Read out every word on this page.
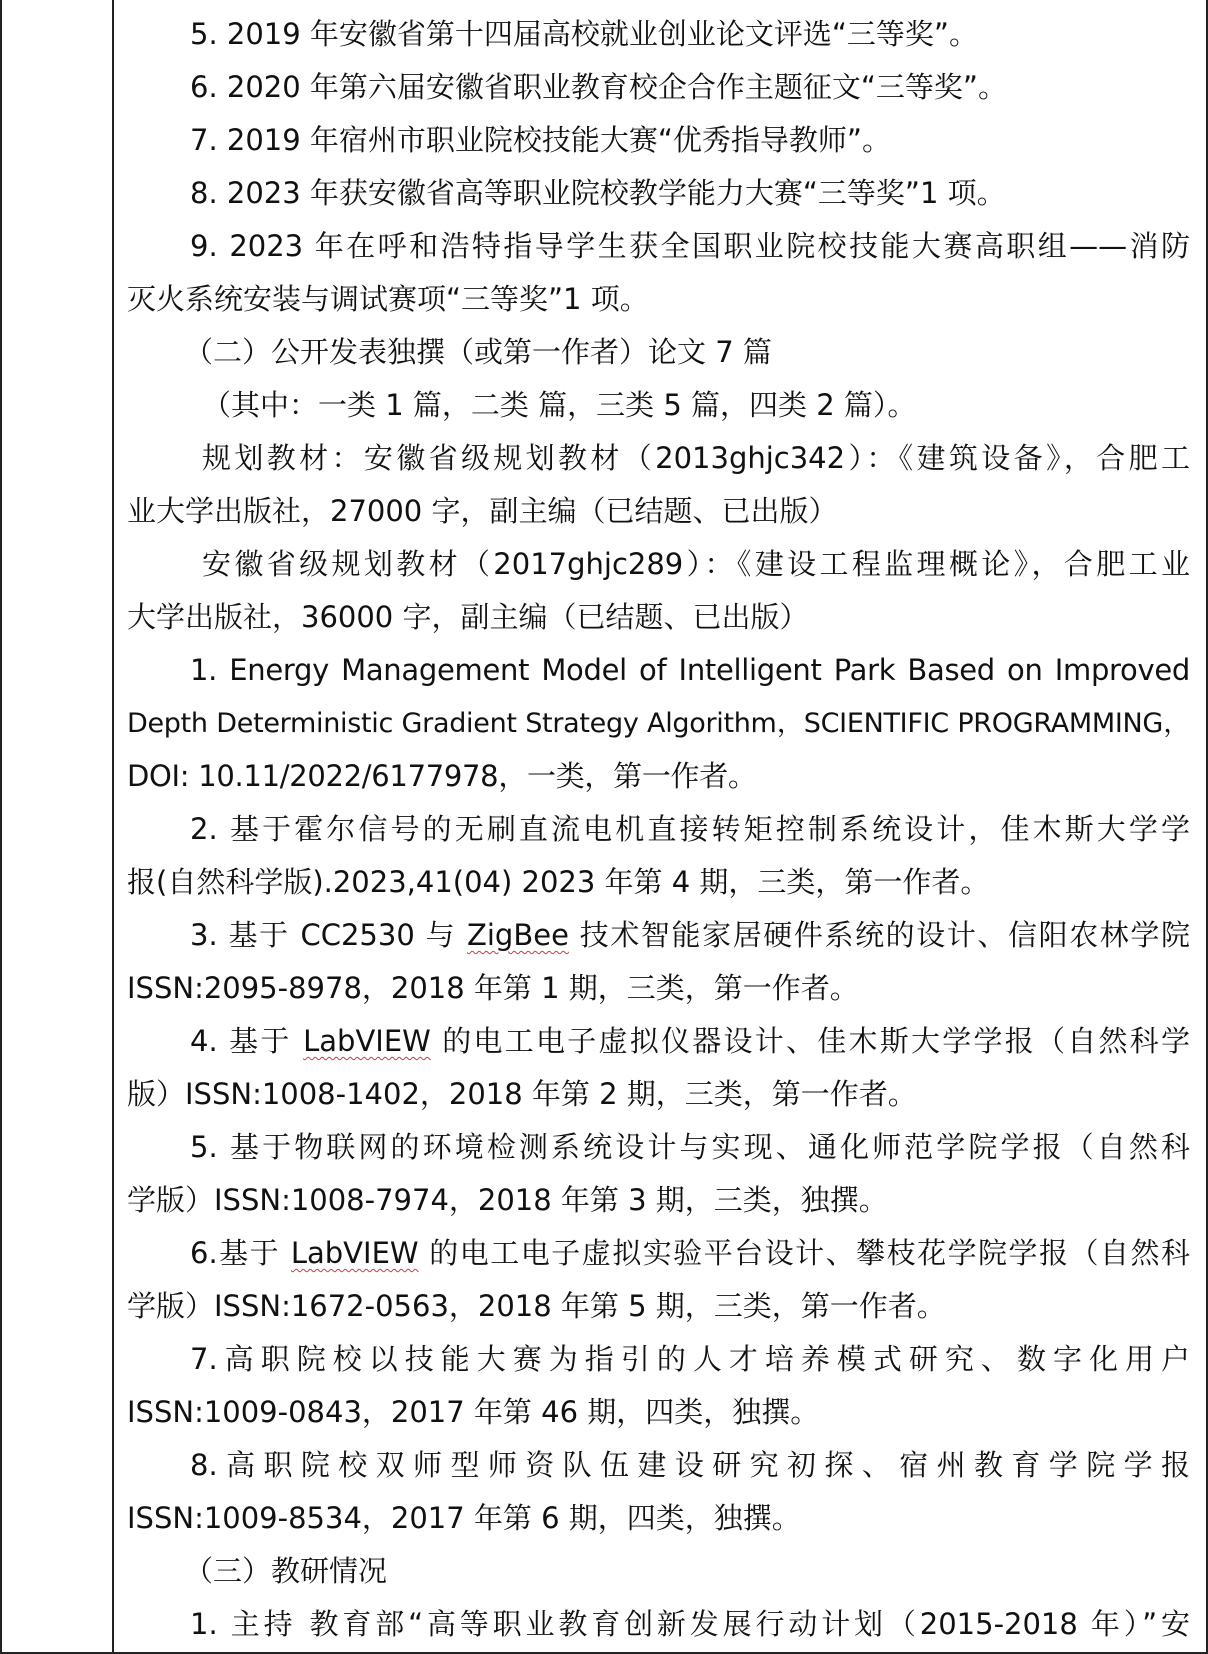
5. 2019 年安徽省第十四届高校就业创业论文评选“三等奖”。
6. 2020 年第六届安徽省职业教育校企合作主题征文“三等奖”。
7. 2019 年宿州市职业院校技能大赛“优秀指导教师”。
8. 2023 年获安徽省高等职业院校教学能力大赛“三等奖”1 项。
9. 2023 年在呼和浩特指导学生获全国职业院校技能大赛高职组——消防
灭火系统安装与调试赛项“三等奖”1 项。
（二）公开发表独撰（或第一作者）论文 7 篇
（其中：一类 1 篇，二类 篇，三类 5 篇，四类 2 篇）。
规划教材：安徽省级规划教材（2013ghjc342）：《建筑设备》，合肥工
业大学出版社，27000 字，副主编（已结题、已出版）
安徽省级规划教材（2017ghjc289）：《建设工程监理概论》，合肥工业
大学出版社，36000 字，副主编（已结题、已出版）
1. Energy Management Model of Intelligent Park Based on Improved
Depth Deterministic Gradient Strategy Algorithm，SCIENTIFIC PROGRAMMING，
DOI: 10.11/2022/6177978，一类，第一作者。
2. 基于霍尔信号的无刷直流电机直接转矩控制系统设计，佳木斯大学学
报(自然科学版).2023,41(04) 2023 年第 4 期，三类，第一作者。
3. 基于 CC2530 与 ZigBee 技术智能家居硬件系统的设计、信阳农林学院
ISSN:2095-8978，2018 年第 1 期，三类，第一作者。
4. 基于 LabVIEW 的电工电子虚拟仪器设计、佳木斯大学学报（自然科学
版）ISSN:1008-1402，2018 年第 2 期，三类，第一作者。
5. 基于物联网的环境检测系统设计与实现、通化师范学院学报（自然科
学版）ISSN:1008-7974，2018 年第 3 期，三类，独撰。
6.基于 LabVIEW 的电工电子虚拟实验平台设计、攀枝花学院学报（自然科
学版）ISSN:1672-0563，2018 年第 5 期，三类，第一作者。
7.高职院校以技能大赛为指引的人才培养模式研究、数字化用户
ISSN:1009-0843，2017 年第 46 期，四类，独撰。
8.高职院校双师型师资队伍建设研究初探、宿州教育学院学报
ISSN:1009-8534，2017 年第 6 期，四类，独撰。
（三）教研情况
1. 主持 教育部“高等职业教育创新发展行动计划（2015-2018 年）”安
